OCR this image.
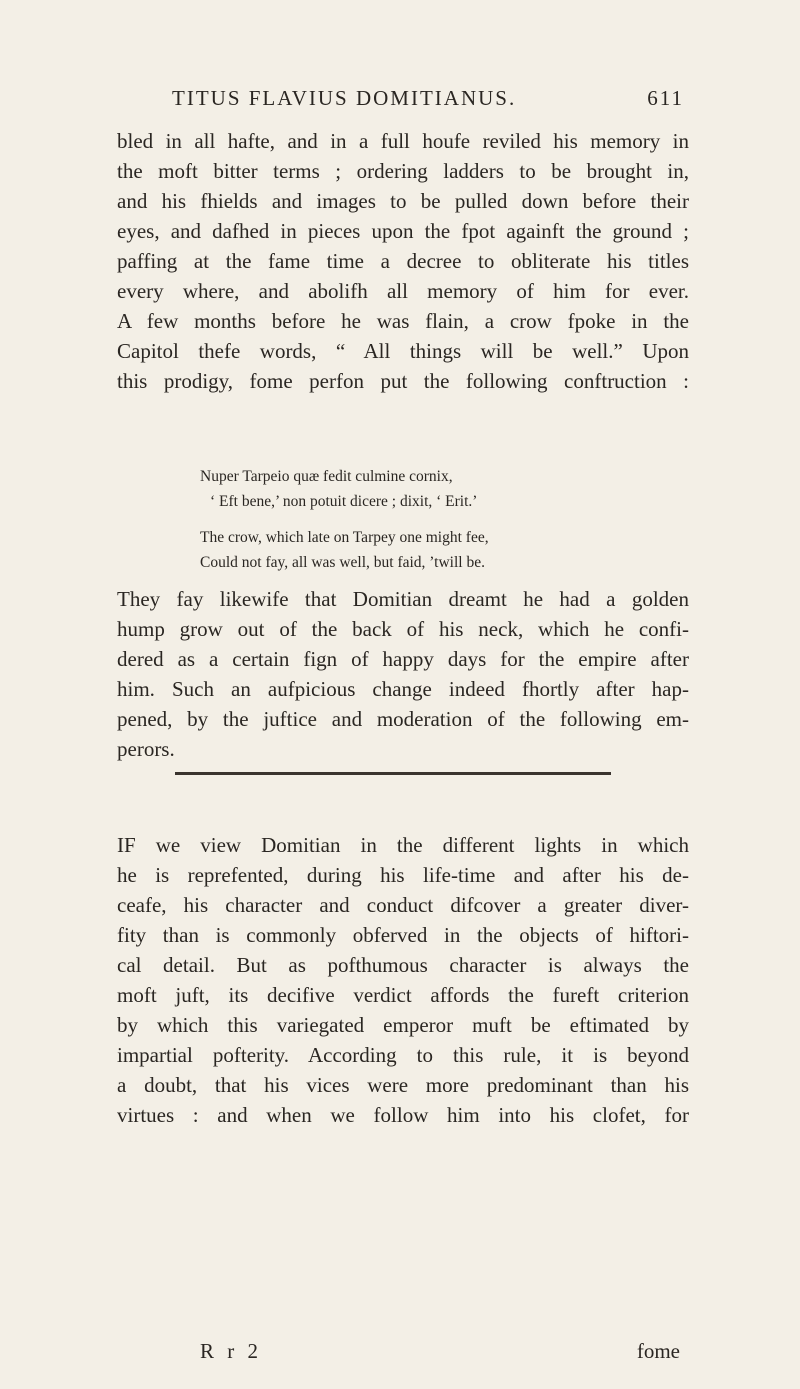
TITUS FLAVIUS DOMITIANUS.	611
bled in all hafte, and in a full houfe reviled his memory in
the moft bitter terms ; ordering ladders to be brought in,
and his fhields and images to be pulled down before their
eyes, and dafhed in pieces upon the fpot againft the ground ;
paffing at the fame time a decree to obliterate his titles
every where, and abolifh all memory of him for ever.
A few months before he was flain, a crow fpoke in the
Capitol thefe words, “ All things will be well.” Upon
this prodigy, fome perfon put the following conftruction :
Nuper Tarpeio quæ fedit culmine cornix,
‘ Eft bene,’ non potuit dicere ; dixit, ‘ Erit.’
The crow, which late on Tarpey one might fee,
Could not fay, all was well, but faid, ’twill be.
They fay likewife that Domitian dreamt he had a golden
hump grow out of the back of his neck, which he confi-
dered as a certain fign of happy days for the empire after
him. Such an aufpicious change indeed fhortly after hap-
pened, by the juftice and moderation of the following em-
perors.
IF we view Domitian in the different lights in which
he is reprefented, during his life-time and after his de-
ceafe, his character and conduct difcover a greater diver-
fity than is commonly obferved in the objects of hiftori-
cal detail. But as pofthumous character is always the
moft juft, its decifive verdict affords the fureft criterion
by which this variegated emperor muft be eftimated by
impartial pofterity. According to this rule, it is beyond
a doubt, that his vices were more predominant than his
virtues : and when we follow him into his clofet, for
R r 2	fome
